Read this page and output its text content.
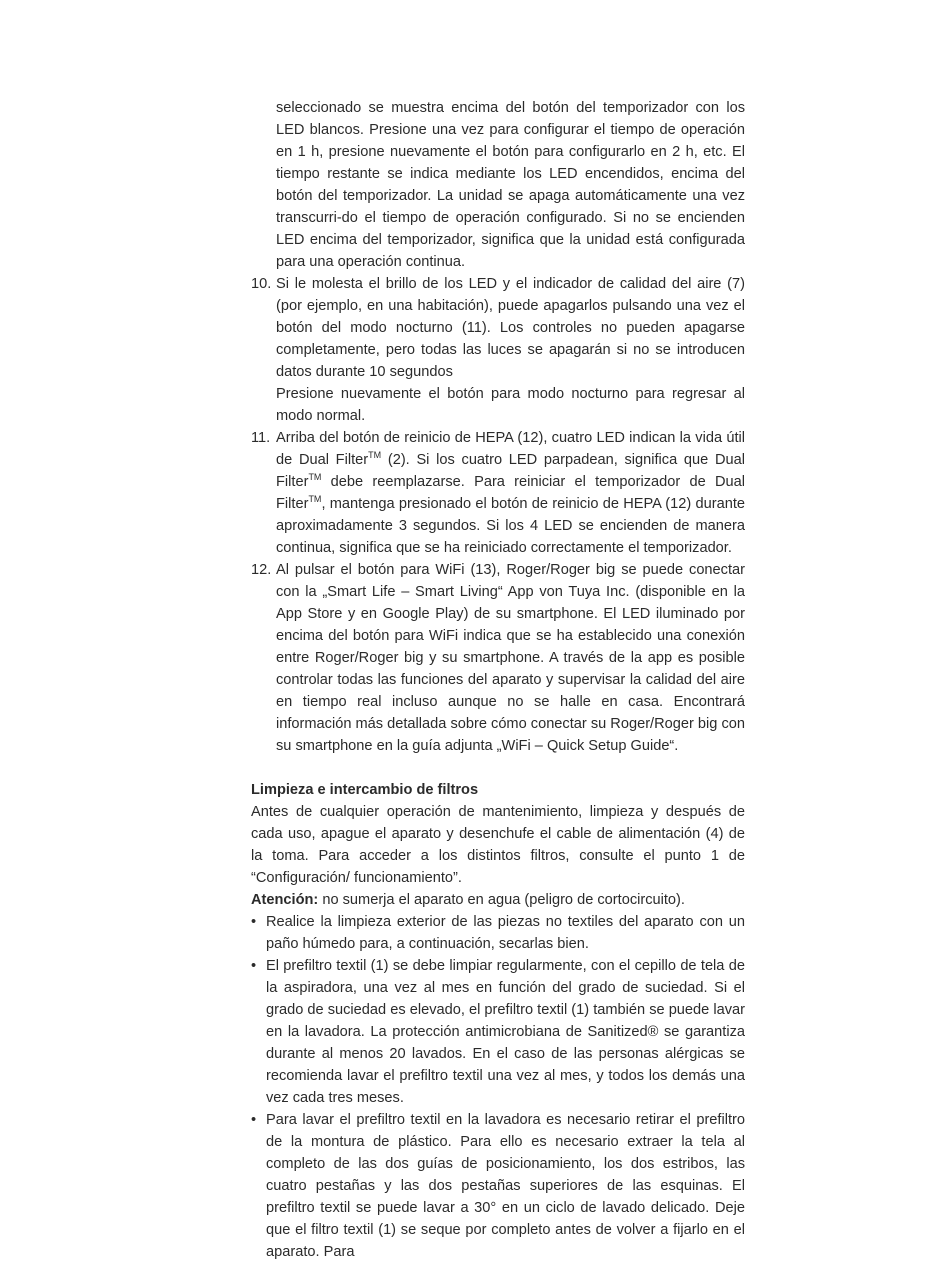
seleccionado se muestra encima del botón del temporizador con los LED blancos. Presione una vez para configurar el tiempo de operación en 1 h, presione nuevamente el botón para configurarlo en 2 h, etc. El tiempo restante se indica mediante los LED encendidos, encima del botón del temporizador. La unidad se apaga automáticamente una vez transcurri-do el tiempo de operación configurado. Si no se encienden LED encima del temporizador, significa que la unidad está configurada para una operación continua.

10. Si le molesta el brillo de los LED y el indicador de calidad del aire (7) (por ejemplo, en una habitación), puede apagarlos pulsando una vez el botón del modo nocturno (11). Los controles no pueden apagarse completamente, pero todas las luces se apagarán si no se introducen datos durante 10 segundos

Presione nuevamente el botón para modo nocturno para regresar al modo normal.

11. Arriba del botón de reinicio de HEPA (12), cuatro LED indican la vida útil de Dual Filter™ (2). Si los cuatro LED parpadean, significa que Dual Filter™ debe reemplazarse. Para reiniciar el temporizador de Dual Filter™, mantenga presionado el botón de reinicio de HEPA (12) durante aproximadamente 3 segundos. Si los 4 LED se encienden de manera continua, significa que se ha reiniciado correctamente el temporizador.

12. Al pulsar el botón para WiFi (13), Roger/Roger big se puede conectar con la „Smart Life – Smart Living“ App von Tuya Inc. (disponible en la App Store y en Google Play) de su smartphone. El LED iluminado por encima del botón para WiFi indica que se ha establecido una conexión entre Roger/Roger big y su smartphone. A través de la app es posible controlar todas las funciones del aparato y supervisar la calidad del aire en tiempo real incluso aunque no se halle en casa. Encontrará información más detallada sobre cómo conectar su Roger/Roger big con su smartphone en la guía adjunta „WiFi – Quick Setup Guide“.

Limpieza e intercambio de filtros

Antes de cualquier operación de mantenimiento, limpieza y después de cada uso, apague el aparato y desenchufe el cable de alimentación (4) de la toma. Para acceder a los distintos filtros, consulte el punto 1 de “Configuración/ funcionamiento”.

Atención: no sumerja el aparato en agua (peligro de cortocircuito).

• Realice la limpieza exterior de las piezas no textiles del aparato con un paño húmedo para, a continuación, secarlas bien.
• El prefiltro textil (1) se debe limpiar regularmente, con el cepillo de tela de la aspiradora, una vez al mes en función del grado de suciedad. Si el grado de suciedad es elevado, el prefiltro textil (1) también se puede lavar en la lavadora. La protección antimicrobiana de Sanitized® se garantiza durante al menos 20 lavados. En el caso de las personas alérgicas se recomienda lavar el prefiltro textil una vez al mes, y todos los demás una vez cada tres meses.
• Para lavar el prefiltro textil en la lavadora es necesario retirar el prefiltro de la montura de plástico. Para ello es necesario extraer la tela al completo de las dos guías de posicionamiento, los dos estribos, las cuatro pestañas y las dos pestañas superiores de las esquinas. El prefiltro textil se puede lavar a 30° en un ciclo de lavado delicado. Deje que el filtro textil (1) se seque por completo antes de volver a fijarlo en el aparato. Para
